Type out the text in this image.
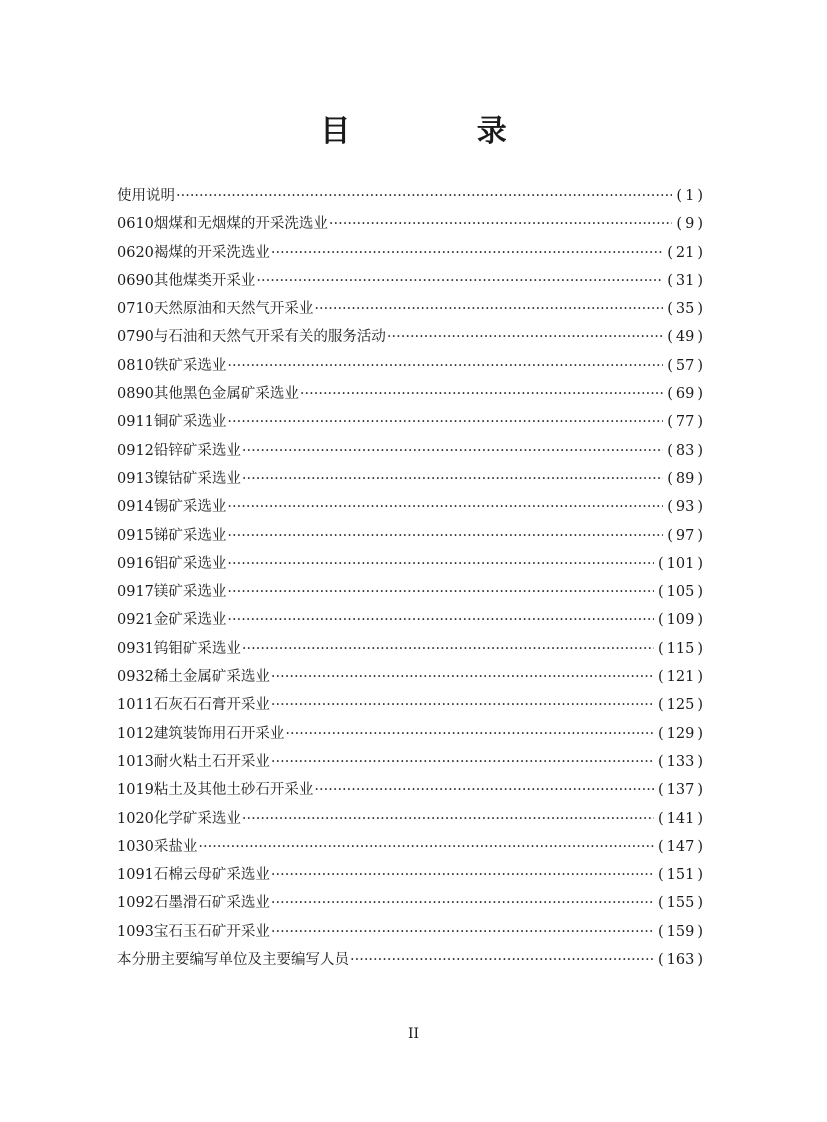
目 录
使用说明 ·····	( 1 )
0610烟煤和无烟煤的开采洗选业 ·····	( 9 )
0620褐煤的开采洗选业 ·····	( 21 )
0690其他煤类开采业 ·····	( 31 )
0710天然原油和天然气开采业 ·····	( 35 )
0790与石油和天然气开采有关的服务活动 ·····	( 49 )
0810铁矿采选业 ·····	( 57 )
0890其他黑色金属矿采选业 ·····	( 69 )
0911铜矿采选业 ·····	( 77 )
0912铅锌矿采选业 ·····	( 83 )
0913镍钴矿采选业 ·····	( 89 )
0914锡矿采选业 ·····	( 93 )
0915锑矿采选业 ·····	( 97 )
0916铝矿采选业 ·····	( 101 )
0917镁矿采选业 ·····	( 105 )
0921金矿采选业 ·····	( 109 )
0931钨钼矿采选业 ·····	( 115 )
0932稀土金属矿采选业 ·····	( 121 )
1011石灰石石膏开采业 ·····	( 125 )
1012建筑装饰用石开采业 ·····	( 129 )
1013耐火粘土石开采业 ·····	( 133 )
1019粘土及其他土砂石开采业 ·····	( 137 )
1020化学矿采选业 ·····	( 141 )
1030采盐业 ·····	( 147 )
1091石棉云母矿采选业 ·····	( 151 )
1092石墨滑石矿采选业 ·····	( 155 )
1093宝石玉石矿开采业 ·····	( 159 )
本分册主要编写单位及主要编写人员 ·····	( 163 )
II
